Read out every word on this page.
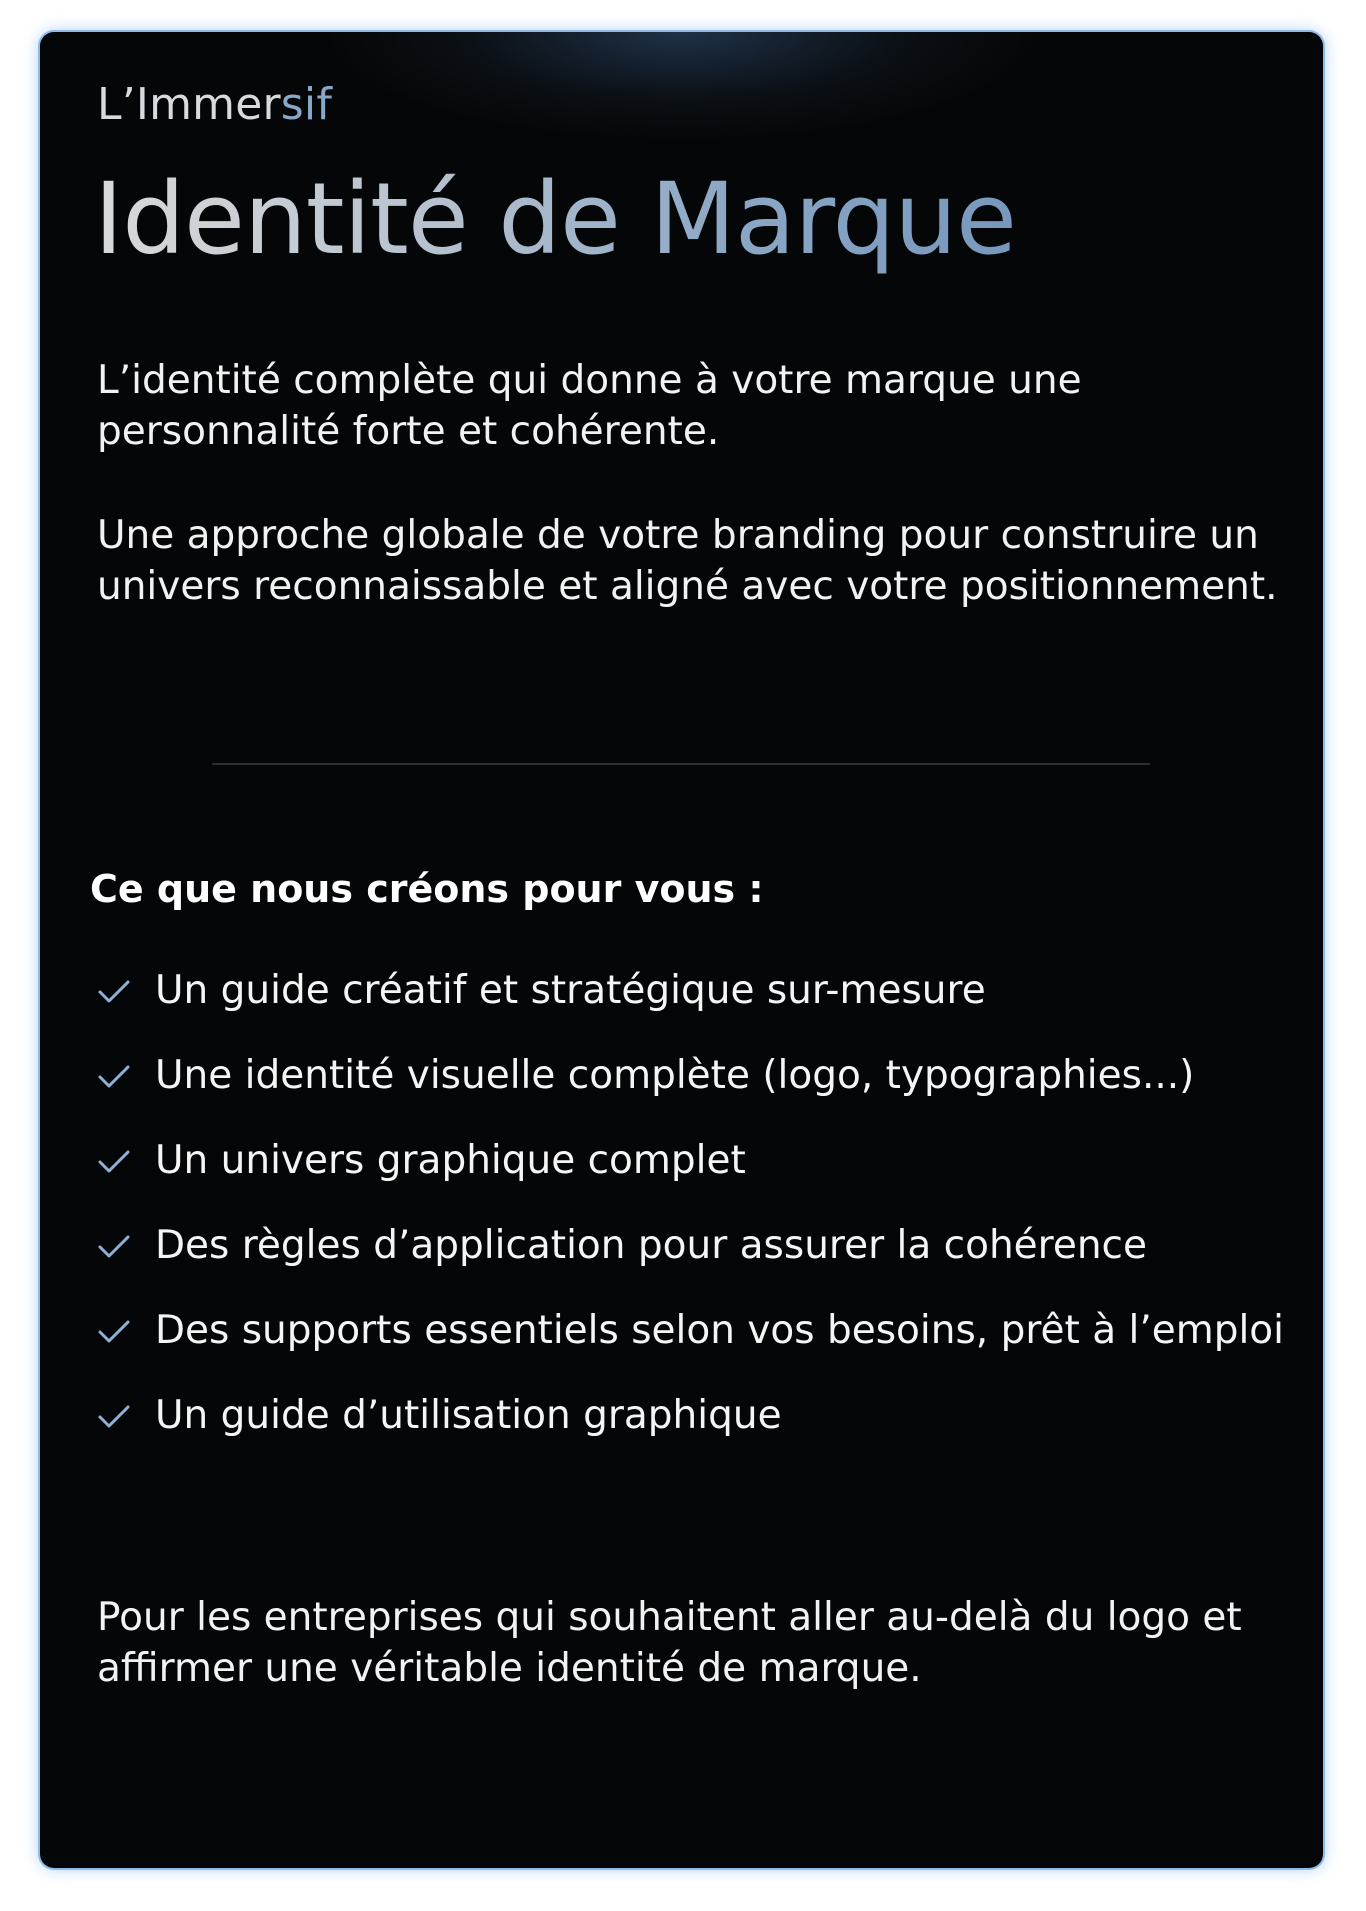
L’Immersif
Identité de Marque

L’identité complète qui donne à votre marque une personnalité forte et cohérente.

Une approche globale de votre branding pour construire un univers reconnaissable et aligné avec votre positionnement.

Ce que nous créons pour vous :
Un guide créatif et stratégique sur-mesure
Une identité visuelle complète (logo, typographies...)
Un univers graphique complet
Des règles d’application pour assurer la cohérence
Des supports essentiels selon vos besoins, prêt à l’emploi
Un guide d’utilisation graphique

Pour les entreprises qui souhaitent aller au-delà du logo et affirmer une véritable identité de marque.
